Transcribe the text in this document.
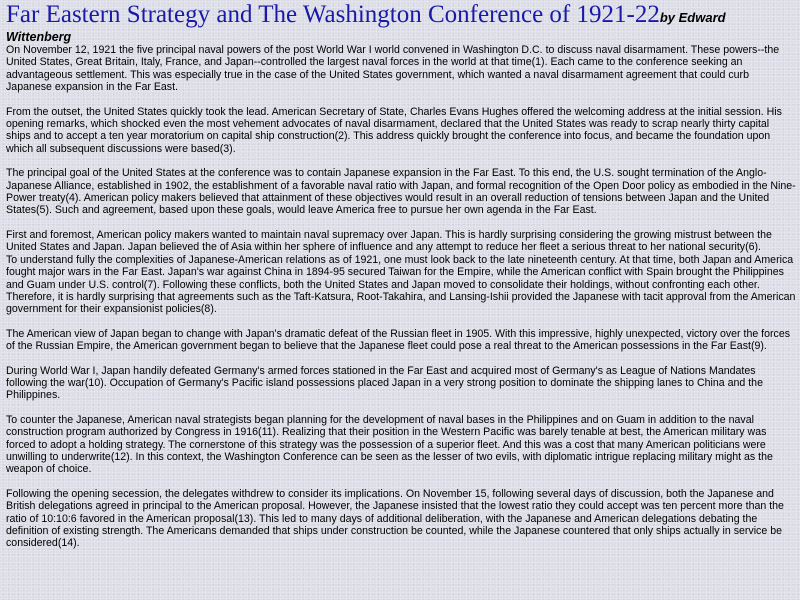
Far Eastern Strategy and The Washington Conference of 1921-22by Edward
Wittenberg

On November 12, 1921 the five principal naval powers of the post World War I world convened in Washington D.C. to discuss naval disarmament. These powers--the United States, Great Britain, Italy, France, and Japan--controlled the largest naval forces in the world at that time(1). Each came to the conference seeking an advantageous settlement. This was especially true in the case of the United States government, which wanted a naval disarmament agreement that could curb Japanese expansion in the Far East.

From the outset, the United States quickly took the lead. American Secretary of State, Charles Evans Hughes offered the welcoming address at the initial session. His opening remarks, which shocked even the most vehement advocates of naval disarmament, declared that the United States was ready to scrap nearly thirty capital ships and to accept a ten year moratorium on capital ship construction(2). This address quickly brought the conference into focus, and became the foundation upon which all subsequent discussions were based(3).

The principal goal of the United States at the conference was to contain Japanese expansion in the Far East. To this end, the U.S. sought termination of the Anglo-Japanese Alliance, established in 1902, the establishment of a favorable naval ratio with Japan, and formal recognition of the Open Door policy as embodied in the Nine-Power treaty(4). American policy makers believed that attainment of these objectives would result in an overall reduction of tensions between Japan and the United States(5). Such and agreement, based upon these goals, would leave America free to pursue her own agenda in the Far East.

First and foremost, American policy makers wanted to maintain naval supremacy over Japan. This is hardly surprising considering the growing mistrust between the United States and Japan. Japan believed the of Asia within her sphere of influence and any attempt to reduce her fleet a serious threat to her national security(6).

To understand fully the complexities of Japanese-American relations as of 1921, one must look back to the late nineteenth century. At that time, both Japan and America fought major wars in the Far East. Japan's war against China in 1894-95 secured Taiwan for the Empire, while the American conflict with Spain brought the Philippines and Guam under U.S. control(7). Following these conflicts, both the United States and Japan moved to consolidate their holdings, without confronting each other. Therefore, it is hardly surprising that agreements such as the Taft-Katsura, Root-Takahira, and Lansing-Ishii provided the Japanese with tacit approval from the American government for their expansionist policies(8).

The American view of Japan began to change with Japan's dramatic defeat of the Russian fleet in 1905. With this impressive, highly unexpected, victory over the forces of the Russian Empire, the American government began to believe that the Japanese fleet could pose a real threat to the American possessions in the Far East(9).

During World War I, Japan handily defeated Germany's armed forces stationed in the Far East and acquired most of Germany's as League of Nations Mandates following the war(10). Occupation of Germany's Pacific island possessions placed Japan in a very strong position to dominate the shipping lanes to China and the Philippines.

To counter the Japanese, American naval strategists began planning for the development of naval bases in the Philippines and on Guam in addition to the naval construction program authorized by Congress in 1916(11). Realizing that their position in the Western Pacific was barely tenable at best, the American military was forced to adopt a holding strategy. The cornerstone of this strategy was the possession of a superior fleet. And this was a cost that many American politicians were unwilling to underwrite(12). In this context, the Washington Conference can be seen as the lesser of two evils, with diplomatic intrigue replacing military might as the weapon of choice.

Following the opening secession, the delegates withdrew to consider its implications. On November 15, following several days of discussion, both the Japanese and British delegations agreed in principal to the American proposal. However, the Japanese insisted that the lowest ratio they could accept was ten percent more than the ratio of 10:10:6 favored in the American proposal(13). This led to many days of additional deliberation, with the Japanese and American delegations debating the definition of existing strength. The Americans demanded that ships under construction be counted, while the Japanese countered that only ships actually in service be considered(14).
